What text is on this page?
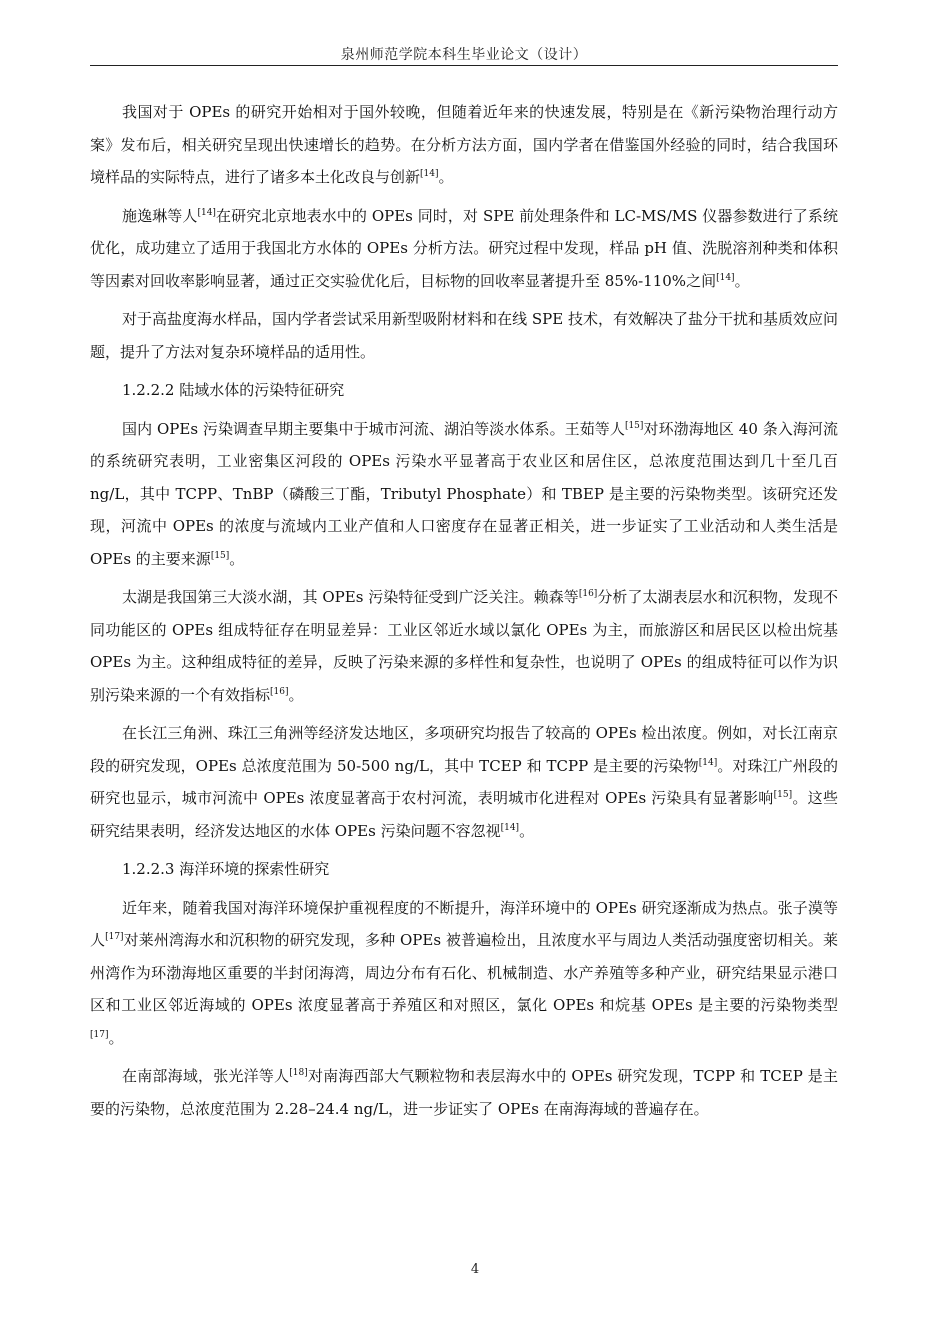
泉州师范学院本科生毕业论文（设计）

我国对于 OPEs 的研究开始相对于国外较晚，但随着近年来的快速发展，特别是在《新污染物治理行动方案》发布后，相关研究呈现出快速增长的趋势。在分析方法方面，国内学者在借鉴国外经验的同时，结合我国环境样品的实际特点，进行了诸多本土化改良与创新[14]。

施逸琳等人[14]在研究北京地表水中的 OPEs 同时，对 SPE 前处理条件和 LC-MS/MS 仪器参数进行了系统优化，成功建立了适用于我国北方水体的 OPEs 分析方法。研究过程中发现，样品 pH 值、洗脱溶剂种类和体积等因素对回收率影响显著，通过正交实验优化后，目标物的回收率显著提升至 85%-110%之间[14]。

对于高盐度海水样品，国内学者尝试采用新型吸附材料和在线 SPE 技术，有效解决了盐分干扰和基质效应问题，提升了方法对复杂环境样品的适用性。

1.2.2.2 陆域水体的污染特征研究

国内 OPEs 污染调查早期主要集中于城市河流、湖泊等淡水体系。王茹等人[15]对环渤海地区 40 条入海河流的系统研究表明，工业密集区河段的 OPEs 污染水平显著高于农业区和居住区，总浓度范围达到几十至几百 ng/L，其中 TCPP、TnBP（磷酸三丁酯，Tributyl Phosphate）和 TBEP 是主要的污染物类型。该研究还发现，河流中 OPEs 的浓度与流域内工业产值和人口密度存在显著正相关，进一步证实了工业活动和人类生活是 OPEs 的主要来源[15]。

太湖是我国第三大淡水湖，其 OPEs 污染特征受到广泛关注。赖森等[16]分析了太湖表层水和沉积物，发现不同功能区的 OPEs 组成特征存在明显差异：工业区邻近水域以氯化 OPEs 为主，而旅游区和居民区以检出烷基 OPEs 为主。这种组成特征的差异，反映了污染来源的多样性和复杂性，也说明了 OPEs 的组成特征可以作为识别污染来源的一个有效指标[16]。

在长江三角洲、珠江三角洲等经济发达地区，多项研究均报告了较高的 OPEs 检出浓度。例如，对长江南京段的研究发现，OPEs 总浓度范围为 50-500 ng/L，其中 TCEP 和 TCPP 是主要的污染物[14]。对珠江广州段的研究也显示，城市河流中 OPEs 浓度显著高于农村河流，表明城市化进程对 OPEs 污染具有显著影响[15]。这些研究结果表明，经济发达地区的水体 OPEs 污染问题不容忽视[14]。

1.2.2.3 海洋环境的探索性研究

近年来，随着我国对海洋环境保护重视程度的不断提升，海洋环境中的 OPEs 研究逐渐成为热点。张子漠等人[17]对莱州湾海水和沉积物的研究发现，多种 OPEs 被普遍检出，且浓度水平与周边人类活动强度密切相关。莱州湾作为环渤海地区重要的半封闭海湾，周边分布有石化、机械制造、水产养殖等多种产业，研究结果显示港口区和工业区邻近海域的 OPEs 浓度显著高于养殖区和对照区，氯化 OPEs 和烷基 OPEs 是主要的污染物类型[17]。

在南部海域，张光洋等人[18]对南海西部大气颗粒物和表层海水中的 OPEs 研究发现，TCPP 和 TCEP 是主要的污染物，总浓度范围为 2.28–24.4 ng/L，进一步证实了 OPEs 在南海海域的普遍存在。

4
